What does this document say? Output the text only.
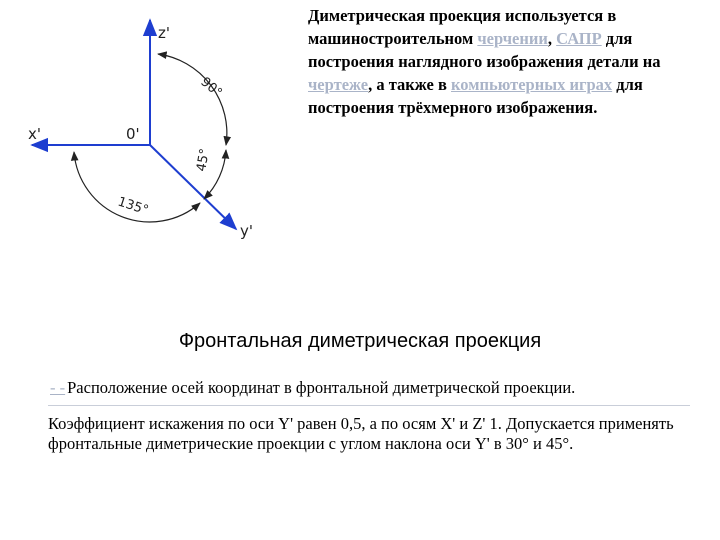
z'
x'
y'
0'
90°
45°
135°

Диметрическая проекция используется в машиностроительном черчении, САПР для построения наглядного изображения детали на чертеже, а также в компьютерных играх для построения трёхмерного изображения.

Фронтальная диметрическая проекция
- - Расположение осей координат в фронтальной диметрической проекции.

Коэффициент искажения по оси Y' равен 0,5, а по осям X' и Z' 1. Допускается применять фронтальные диметрические проекции с углом наклона оси Y' в 30° и 45°.
